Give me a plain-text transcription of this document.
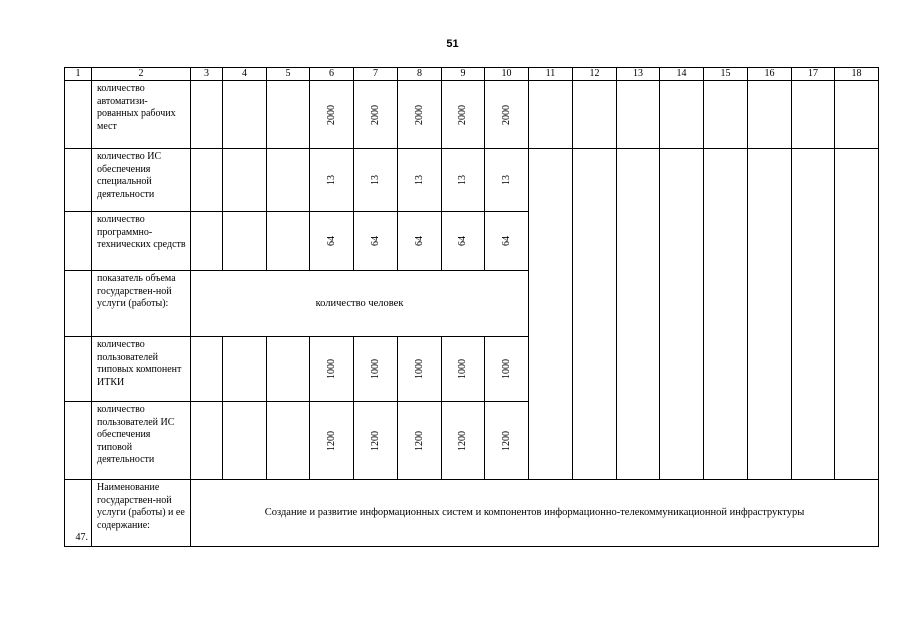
51
1	2	3	4	5	6	7	8	9	10	11	12	13	14	15	16	17	18
	количество автоматизи-рованных рабочих мест				2000	2000	2000	2000	2000								
	количество ИС обеспечения специальной деятельности				13	13	13	13	13								
	количество программно-технических средств				64	64	64	64	64								
	показатель объема государствен-ной услуги (работы):	количество человек															
	количество пользователей типовых компонент ИТКИ				1000	1000	1000	1000	1000								
	количество пользователей ИС обеспечения типовой деятельности				1200	1200	1200	1200	1200								
47.	Наименование государствен-ной услуги (работы) и ее содержание:	Создание и развитие информационных систем и компонентов информационно-телекоммуникационной инфраструктуры															
